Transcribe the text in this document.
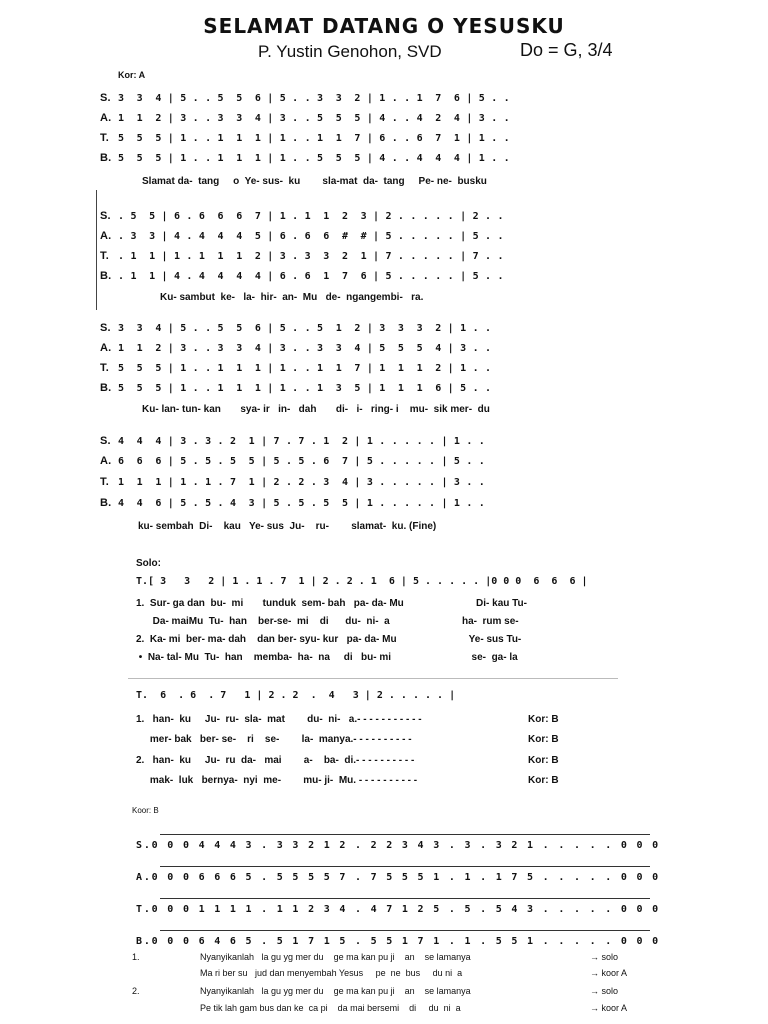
SELAMAT DATANG O YESUSKU
P. Yustin Genohon, SVD	Do = G, 3/4
Kor: A
S. 3  3  4 | 5 . . 5  5  6 | 5 . . 3  3  2 | 1 . . 1  7  6 | 5 . .
A. 1  1  2 | 3 . . 3  3  4 | 3 . . 5  5  5 | 4 . . 4  2  4 | 3 . .
T. 5  5  5 | 1 . . 1  1  1 | 1 . . 1  1  7 | 6 . . 6  7  1 | 1 . .
B. 5  5  5 | 1 . . 1  1  1 | 1 . . 5  5  5 | 4 . . 4  4  4 | 1 . .
Slamat da-  tang     o  Ye- sus-  ku        sla-mat  da-  tang     Pe- ne-  busku
S. . 5  5 | 6 . 6  6  6  7 | 1 . 1  1  2  3 | 2 . . . . . | 2 . .
A. . 3  3 | 4 . 4  4  4  5 | 6 . 6  6  #  # | 5 . . . . . | 5 . .
T. . 1  1 | 1 . 1  1  1  2 | 3 . 3  3  2  1 | 7 . . . . . | 7 . .
B. . 1  1 | 4 . 4  4  4  4 | 6 . 6  1  7  6 | 5 . . . . . | 5 . .
Ku- sambut  ke-   la-  hir-  an-  Mu   de-  ngangembi-   ra.
S. 3  3  4 | 5 . . 5  5  6 | 5 . . 5  1  2 | 3  3  3  2 | 1 . .
A. 1  1  2 | 3 . . 3  3  4 | 3 . . 3  3  4 | 5  5  5  4 | 3 . .
T. 5  5  5 | 1 . . 1  1  1 | 1 . . 1  1  7 | 1  1  1  2 | 1 . .
B. 5  5  5 | 1 . . 1  1  1 | 1 . . 1  3  5 | 1  1  1  6 | 5 . .
Ku- lan- tun- kan       sya- ir   in-   dah       di-   i-   ring- i    mu-  sik mer-  du
S. 4  4  4 | 3 . 3 . 2  1 | 7 . 7 . 1  2 | 1 . . . . . | 1 . .
A. 6  6  6 | 5 . 5 . 5  5 | 5 . 5 . 6  7 | 5 . . . . . | 5 . .
T. 1  1  1 | 1 . 1 . 7  1 | 2 . 2 . 3  4 | 3 . . . . . | 3 . .
B. 4  4  6 | 5 . 5 . 4  3 | 5 . 5 . 5  5 | 1 . . . . . | 1 . .
ku- sembah  Di-    kau   Ye- sus  Ju-    ru-        slamat-  ku. (Fine)
Solo:
T.[ 3   3   2 | 1 . 1 . 7  1 | 2 . 2 . 1  6 | 5 . . . . . |0 0 0  6  6  6 |
1.  Sur- ga dan  bu-  mi       tunduk  sem- bah   pa- da- Mu                          Di- kau Tu-
Da- maiMu  Tu-  han    ber-se-  mi    di      du-  ni-  a                          ha-  rum se-
2.  Ka- mi  ber- ma- dah    dan ber- syu- kur   pa- da- Mu                          Ye- sus Tu-
•  Na- tal- Mu  Tu-  han    memba-  ha-  na     di   bu- mi                             se-  ga- la
T.  6  . 6  . 7   1 | 2 . 2  .  4   3 | 2 . . . . . |
1.   han-  ku     Ju-  ru-  sla-  mat        du-  ni-   a.- - - - - - - - - - -	Kor: B
mer- bak   ber- se-    ri    se-        la-  manya.- - - - - - - - - -	Kor: B
2.   han-  ku     Ju-  ru  da-   mai        a-    ba-  di.- - - - - - - - - -	Kor: B
mak-  luk   bernya-  nyi  me-        mu- ji-  Mu. - - - - - - - - - -	Kor: B
Koor: B
S.0 0 0 4 4 4 3 . 3 3 2 1 2 . 2 2 3 4 3 . 3 . 3 2 1 . . . . . 0 0 0
A.0 0 0 6 6 6 5 . 5 5 5 5 7 . 7 5 5 5 1 . 1 . 1 7 5 . . . . . 0 0 0
T.0 0 0 1 1 1 1 . 1 1 2 3 4 . 4 7 1 2 5 . 5 . 5 4 3 . . . . . 0 0 0
B.0 0 0 6 4 6 5 . 5 1 7 1 5 . 5 5 1 7 1 . 1 . 5 5 1 . . . . . 0 0 0
1.	Nyanyikanlah   la gu yg mer du    ge ma kan pu ji    an    se lamanya	→ solo
Ma ri ber su   jud dan menyembah Yesus     pe  ne  bus     du ni  a	→ koor A
2.	Nyanyikanlah   la gu yg mer du    ge ma kan pu ji    an    se lamanya	→ solo
Pe tik lah gam bus dan ke  ca pi    da mai bersemi    di     du  ni  a	→ koor A
